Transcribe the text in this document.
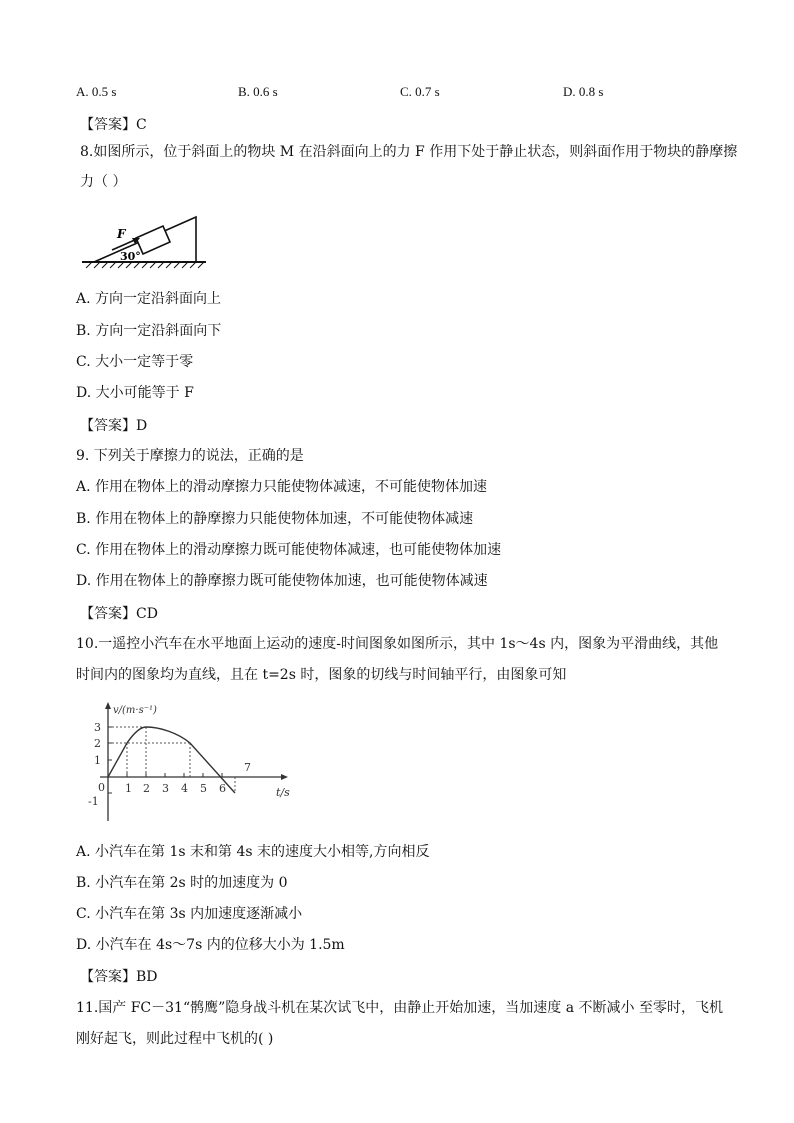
A. 0.5 s	B. 0.6 s	C. 0.7 s	D. 0.8 s
【答案】C
8.如图所示，位于斜面上的物块 M 在沿斜面向上的力 F 作用下处于静止状态，则斜面作用于物块的静摩擦
力（ ）
F
30°
A. 方向一定沿斜面向上
B. 方向一定沿斜面向下
C. 大小一定等于零
D. 大小可能等于 F
【答案】D
9. 下列关于摩擦力的说法，正确的是
A. 作用在物体上的滑动摩擦力只能使物体减速，不可能使物体加速
B. 作用在物体上的静摩擦力只能使物体加速，不可能使物体减速
C. 作用在物体上的滑动摩擦力既可能使物体减速，也可能使物体加速
D. 作用在物体上的静摩擦力既可能使物体加速，也可能使物体减速
【答案】CD
10.一遥控小汽车在水平地面上运动的速度-时间图象如图所示，其中 1s～4s 内，图象为平滑曲线，其他
时间内的图象均为直线，且在 t=2s 时，图象的切线与时间轴平行，由图象可知
v/(m·s⁻¹)
t/s
3
2
1
-1
0 1 2 3 4 5 6
7
A. 小汽车在第 1s 末和第 4s 末的速度大小相等,方向相反
B. 小汽车在第 2s 时的加速度为 0
C. 小汽车在第 3s 内加速度逐渐减小
D. 小汽车在 4s～7s 内的位移大小为 1.5m
【答案】BD
11.国产 FC－31“鹘鹰”隐身战斗机在某次试飞中，由静止开始加速，当加速度 a 不断减小 至零时，飞机
刚好起飞，则此过程中飞机的( )
